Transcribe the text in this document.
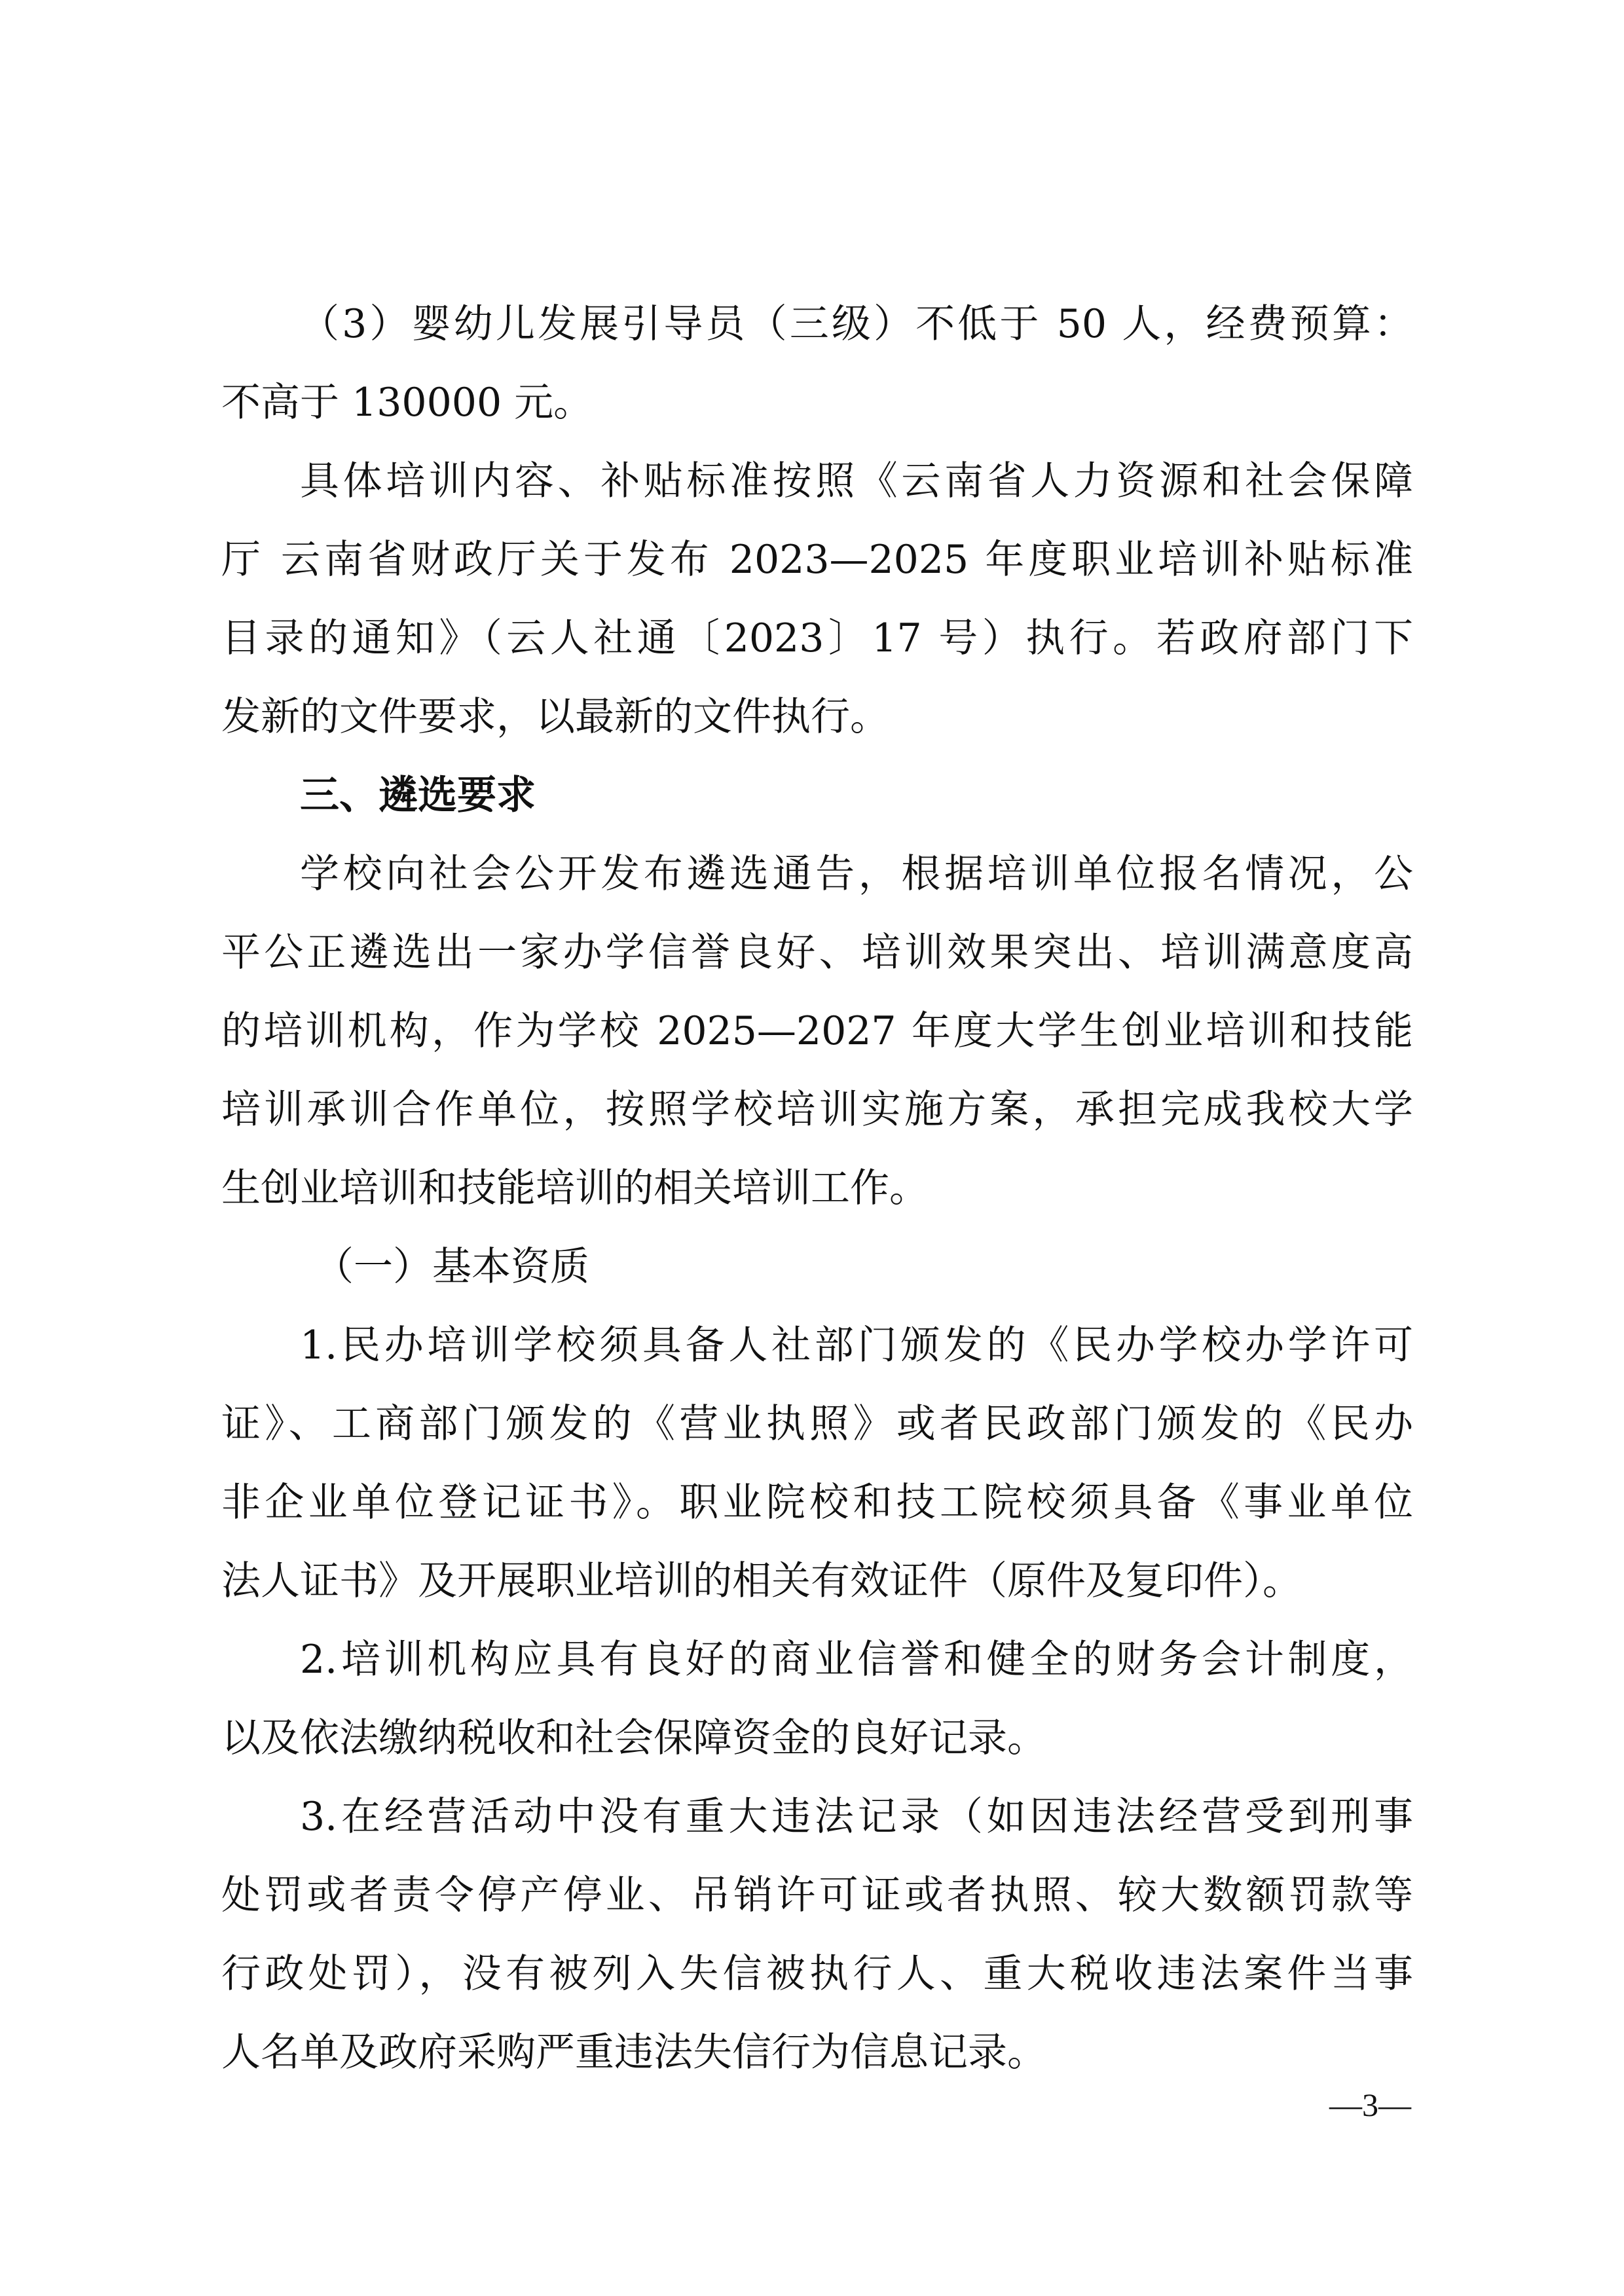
（3）婴幼儿发展引导员（三级）不低于 50 人，经费预算：
不高于 130000 元。
具体培训内容、补贴标准按照《云南省人力资源和社会保障
厅 云南省财政厅关于发布 2023—2025 年度职业培训补贴标准
目录的通知》（云人社通〔2023〕17 号）执行。若政府部门下
发新的文件要求，以最新的文件执行。
三、遴选要求
学校向社会公开发布遴选通告，根据培训单位报名情况，公
平公正遴选出一家办学信誉良好、培训效果突出、培训满意度高
的培训机构，作为学校 2025—2027 年度大学生创业培训和技能
培训承训合作单位，按照学校培训实施方案，承担完成我校大学
生创业培训和技能培训的相关培训工作。
（一）基本资质
1.民办培训学校须具备人社部门颁发的《民办学校办学许可
证》、工商部门颁发的《营业执照》或者民政部门颁发的《民办
非企业单位登记证书》。职业院校和技工院校须具备《事业单位
法人证书》及开展职业培训的相关有效证件（原件及复印件）。
2.培训机构应具有良好的商业信誉和健全的财务会计制度，
以及依法缴纳税收和社会保障资金的良好记录。
3.在经营活动中没有重大违法记录（如因违法经营受到刑事
处罚或者责令停产停业、吊销许可证或者执照、较大数额罚款等
行政处罚），没有被列入失信被执行人、重大税收违法案件当事
人名单及政府采购严重违法失信行为信息记录。
—3—
